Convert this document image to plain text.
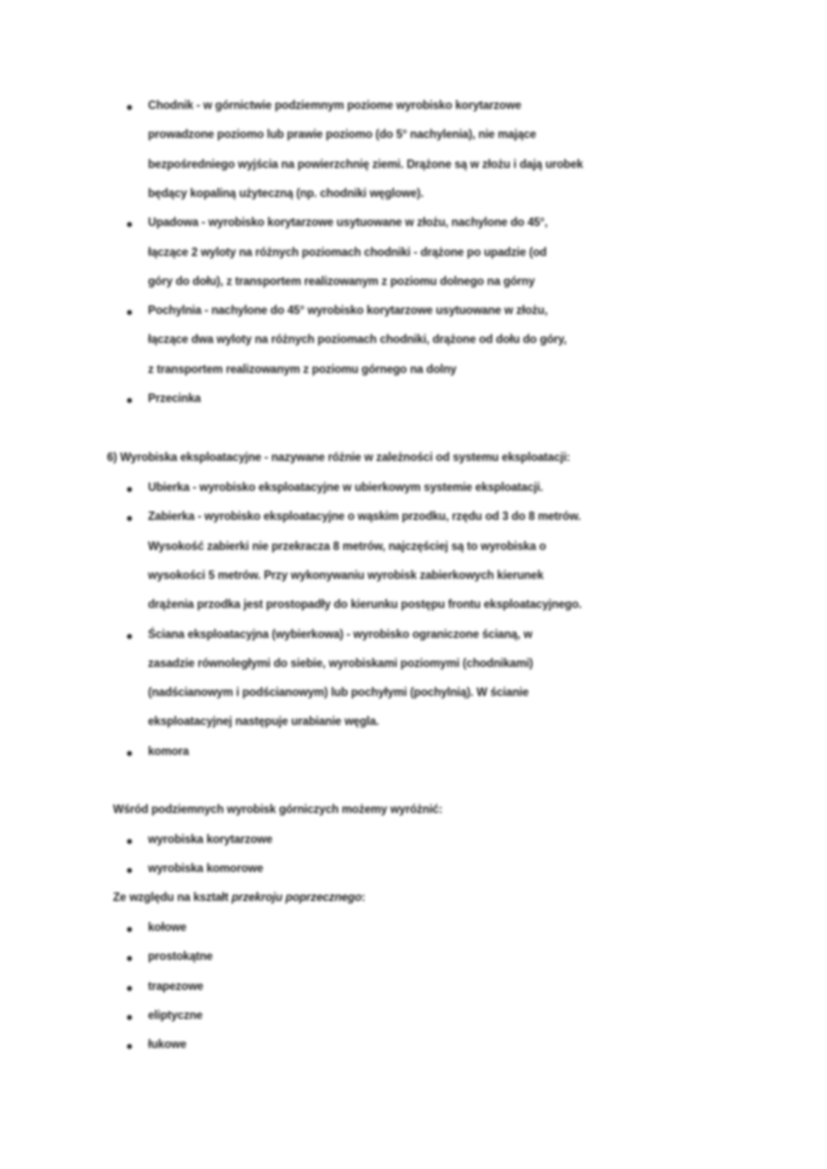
6) Wyrobiska eksploatacyjne - nazywane różnie w zależności od systemu eksploatacji:
Wśród podziemnych wyrobisk górniczych możemy wyróżnić:
Ze względu na kształt przekroju poprzecznego:
Chodnik - w górnictwie podziemnym poziome wyrobisko korytarzowe
prowadzone poziomo lub prawie poziomo (do 5° nachylenia), nie mające
bezpośredniego wyjścia na powierzchnię ziemi. Drążone są w złożu i dają urobek
będący kopaliną użyteczną (np. chodniki węglowe).
Upadowa - wyrobisko korytarzowe usytuowane w złożu, nachylone do 45°,
łączące 2 wyloty na różnych poziomach chodniki - drążone po upadzie (od
góry do dołu), z transportem realizowanym z poziomu dolnego na górny
Pochylnia - nachylone do 45° wyrobisko korytarzowe usytuowane w złożu,
łączące dwa wyloty na różnych poziomach chodniki, drążone od dołu do góry,
z transportem realizowanym z poziomu górnego na dolny
Przecinka
Ubierka - wyrobisko eksploatacyjne w ubierkowym systemie eksploatacji.
Zabierka - wyrobisko eksploatacyjne o wąskim przodku, rzędu od 3 do 8 metrów.
Wysokość zabierki nie przekracza 8 metrów, najczęściej są to wyrobiska o
wysokości 5 metrów. Przy wykonywaniu wyrobisk zabierkowych kierunek
drążenia przodka jest prostopadły do kierunku postępu frontu eksploatacyjnego.
Ściana eksploatacyjna (wybierkowa) - wyrobisko ograniczone ścianą, w
zasadzie równoległymi do siebie, wyrobiskami poziomymi (chodnikami)
(nadścianowym i podścianowym) lub pochyłymi (pochylnią). W ścianie
eksploatacyjnej następuje urabianie węgla.
komora
wyrobiska korytarzowe
wyrobiska komorowe
kołowe
prostokątne
trapezowe
eliptyczne
łukowe
